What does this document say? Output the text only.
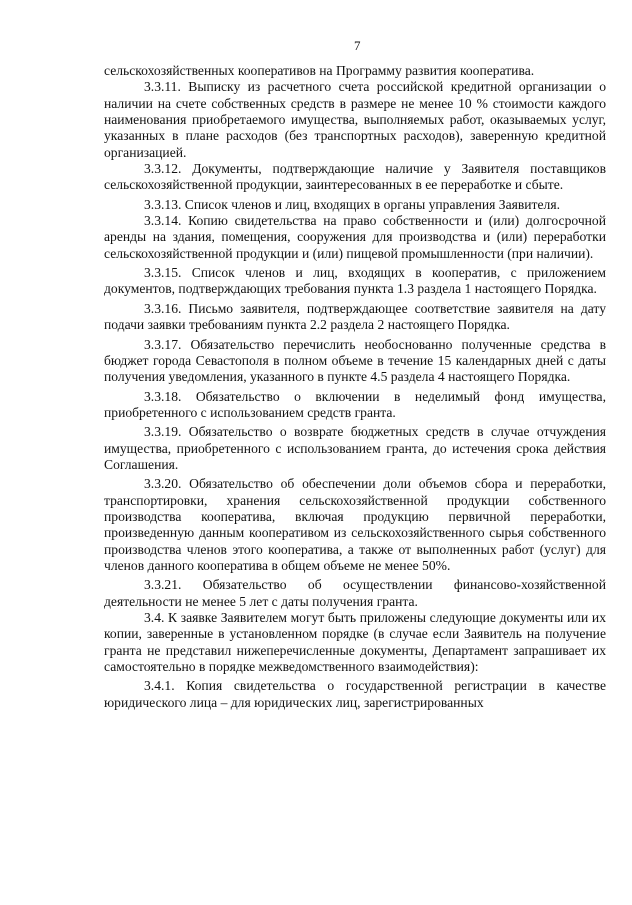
7

сельскохозяйственных кооперативов на Программу развития кооператива.

3.3.11. Выписку из расчетного счета российской кредитной организации о наличии на счете собственных средств в размере не менее 10 % стоимости каждого наименования приобретаемого имущества, выполняемых работ, оказываемых услуг, указанных в плане расходов (без транспортных расходов), заверенную кредитной организацией.

3.3.12. Документы, подтверждающие наличие у Заявителя поставщиков сельскохозяйственной продукции, заинтересованных в ее переработке и сбыте.

3.3.13. Список членов и лиц, входящих в органы управления Заявителя.

3.3.14. Копию свидетельства на право собственности и (или) долгосрочной аренды на здания, помещения, сооружения для производства и (или) переработки сельскохозяйственной продукции и (или) пищевой промышленности (при наличии).

3.3.15. Список членов и лиц, входящих в кооператив, с приложением документов, подтверждающих требования пункта 1.3 раздела 1 настоящего Порядка.

3.3.16. Письмо заявителя, подтверждающее соответствие заявителя на дату подачи заявки требованиям пункта 2.2 раздела 2 настоящего Порядка.

3.3.17. Обязательство перечислить необоснованно полученные средства в бюджет города Севастополя в полном объеме в течение 15 календарных дней с даты получения уведомления, указанного в пункте 4.5 раздела 4 настоящего Порядка.

3.3.18. Обязательство о включении в неделимый фонд имущества, приобретенного с использованием средств гранта.

3.3.19. Обязательство о возврате бюджетных средств в случае отчуждения имущества, приобретенного с использованием гранта, до истечения срока действия Соглашения.

3.3.20. Обязательство об обеспечении доли объемов сбора и переработки, транспортировки, хранения сельскохозяйственной продукции собственного производства кооператива, включая продукцию первичной переработки, произведенную данным кооперативом из сельскохозяйственного сырья собственного производства членов этого кооператива, а также от выполненных работ (услуг) для членов данного кооператива в общем объеме не менее 50%.

3.3.21. Обязательство об осуществлении финансово-хозяйственной деятельности не менее 5 лет с даты получения гранта.

3.4. К заявке Заявителем могут быть приложены следующие документы или их копии, заверенные в установленном порядке (в случае если Заявитель на получение гранта не представил нижеперечисленные документы, Департамент запрашивает их самостоятельно в порядке межведомственного взаимодействия):

3.4.1. Копия свидетельства о государственной регистрации в качестве юридического лица – для юридических лиц, зарегистрированных
